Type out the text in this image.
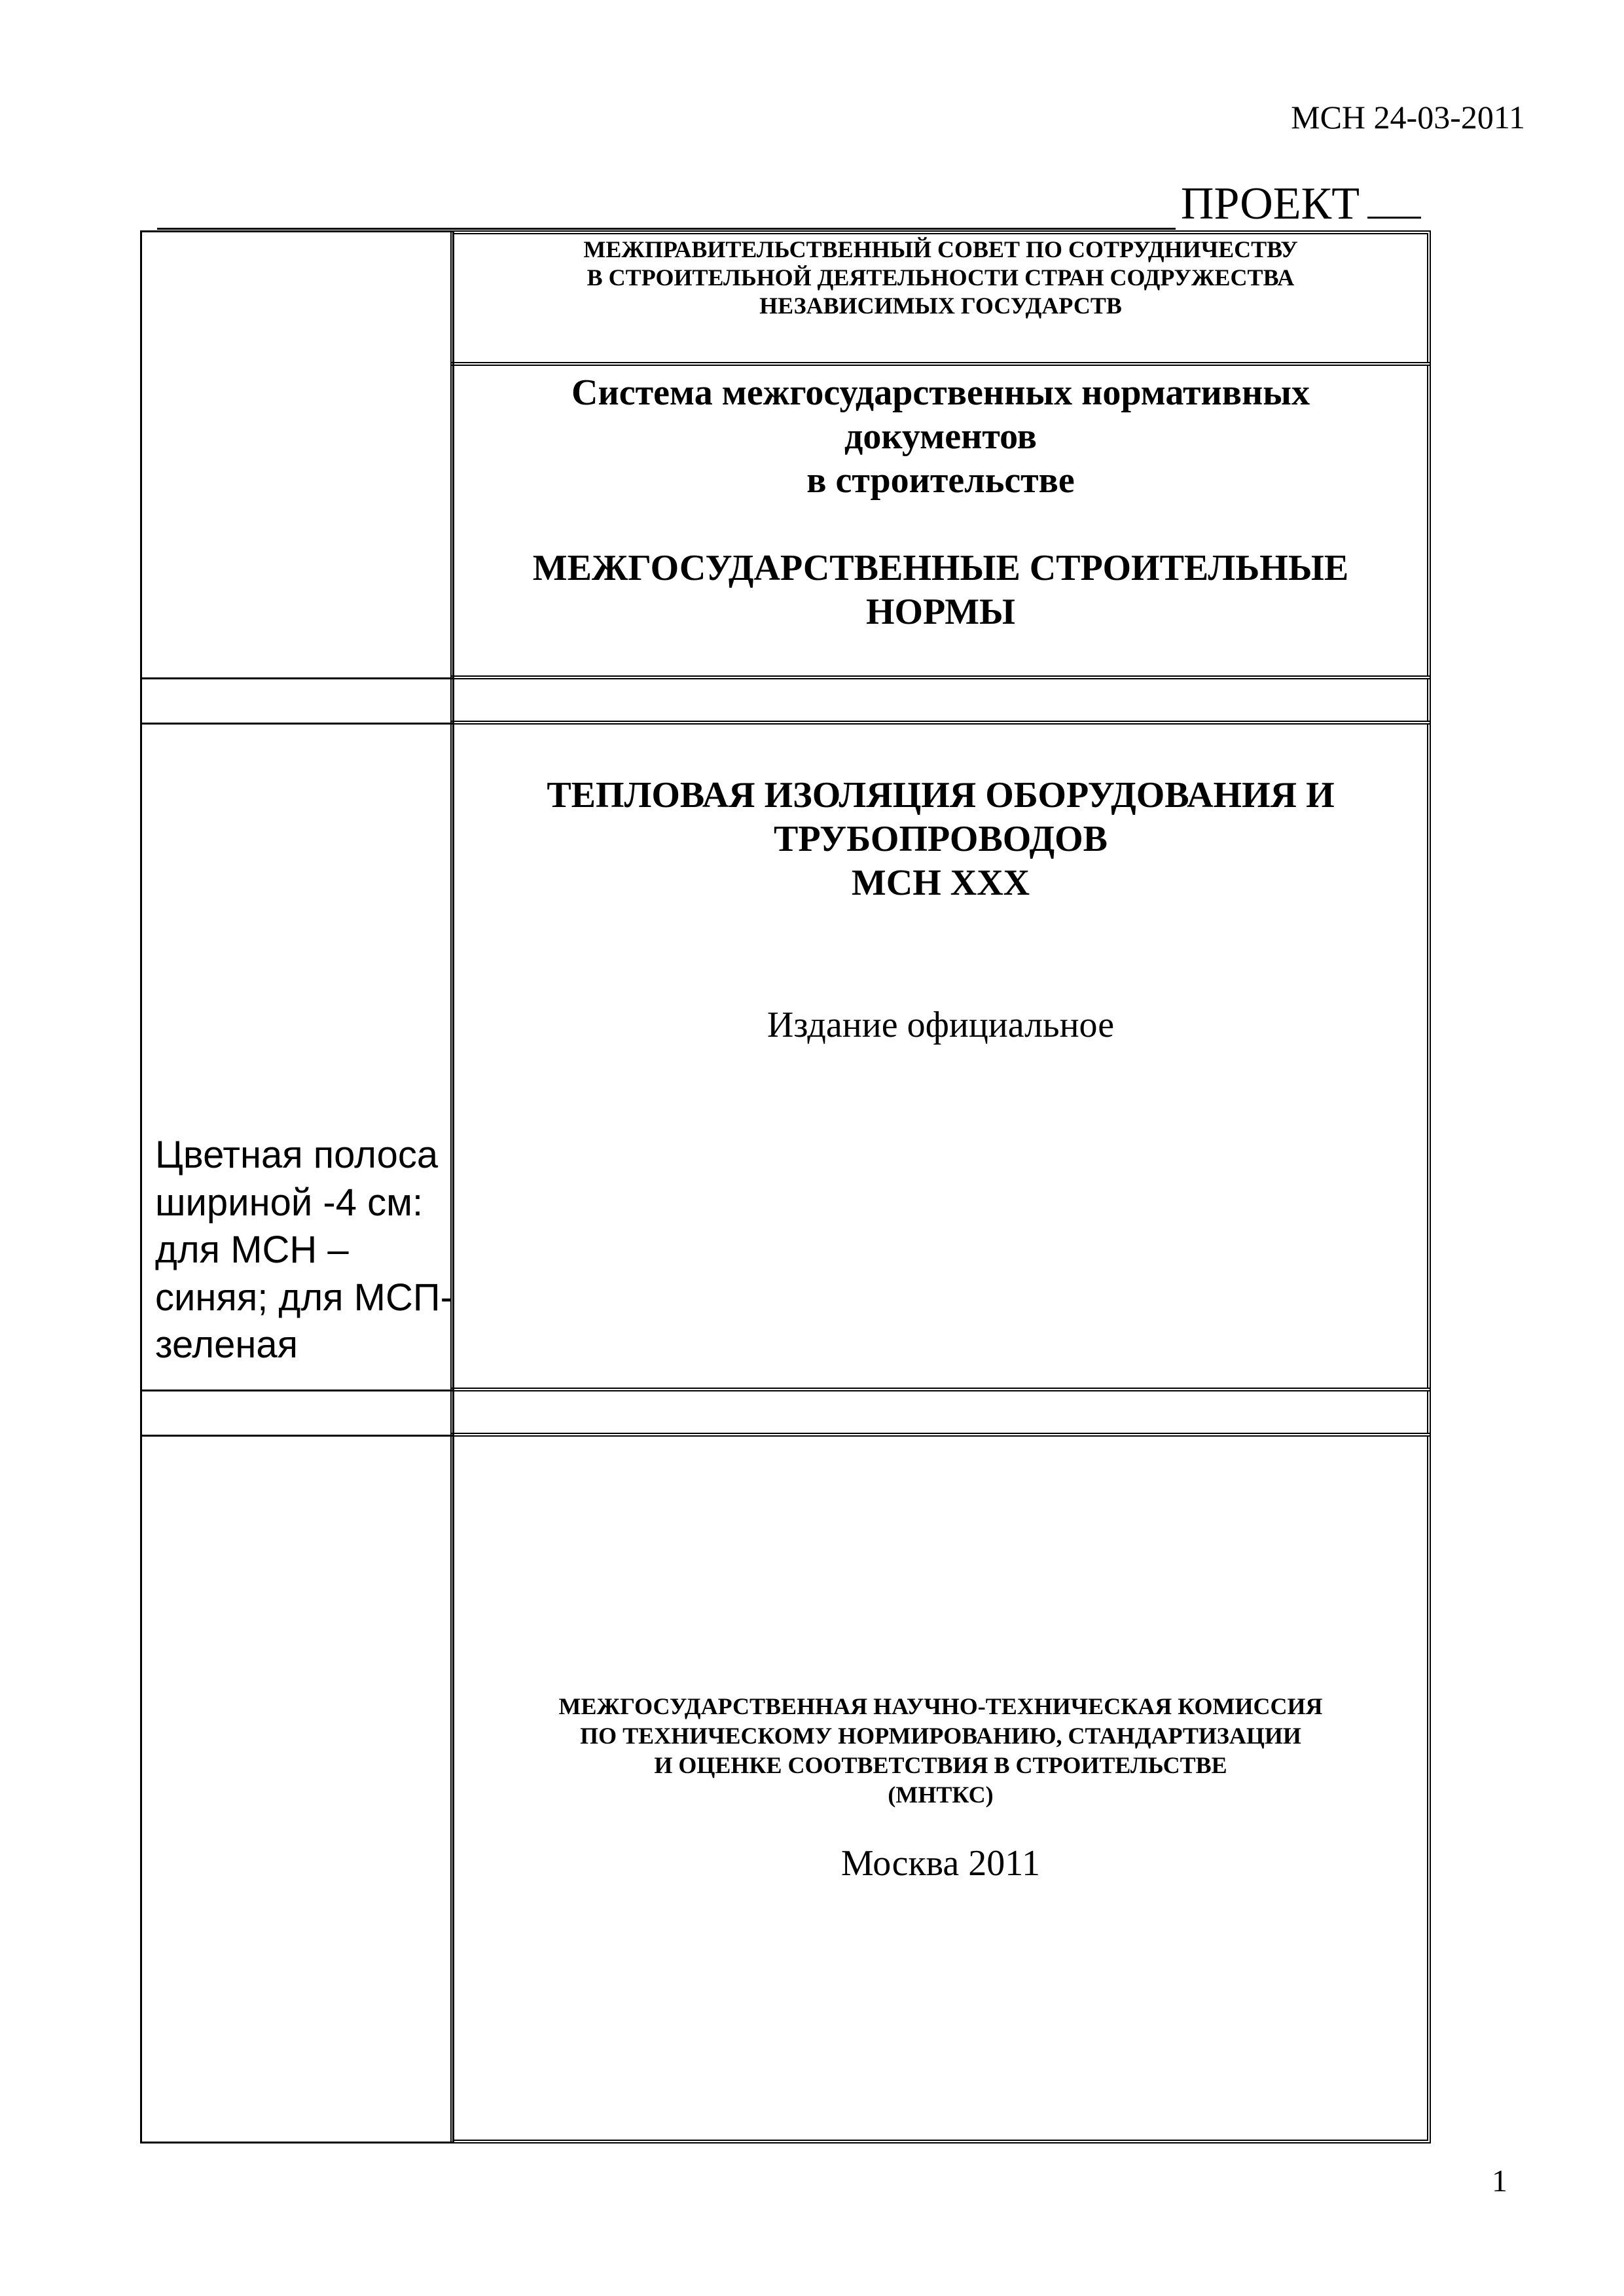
МСН 24-03-2011
ПРОЕКТ
Цветная полоса
шириной -4 см:
для МСН –
синяя; для МСП-
зеленая
МЕЖПРАВИТЕЛЬСТВЕННЫЙ СОВЕТ ПО СОТРУДНИЧЕСТВУ
В СТРОИТЕЛЬНОЙ ДЕЯТЕЛЬНОСТИ СТРАН СОДРУЖЕСТВА
НЕЗАВИСИМЫХ ГОСУДАРСТВ
Система межгосударственных нормативных
документов
в строительстве
МЕЖГОСУДАРСТВЕННЫЕ СТРОИТЕЛЬНЫЕ
НОРМЫ
ТЕПЛОВАЯ ИЗОЛЯЦИЯ ОБОРУДОВАНИЯ И
ТРУБОПРОВОДОВ
МСН ХХХ
Издание официальное
МЕЖГОСУДАРСТВЕННАЯ НАУЧНО-ТЕХНИЧЕСКАЯ КОМИССИЯ
ПО ТЕХНИЧЕСКОМУ НОРМИРОВАНИЮ, СТАНДАРТИЗАЦИИ
И ОЦЕНКЕ СООТВЕТСТВИЯ В СТРОИТЕЛЬСТВЕ
(МНТКС)
Москва 2011
1
